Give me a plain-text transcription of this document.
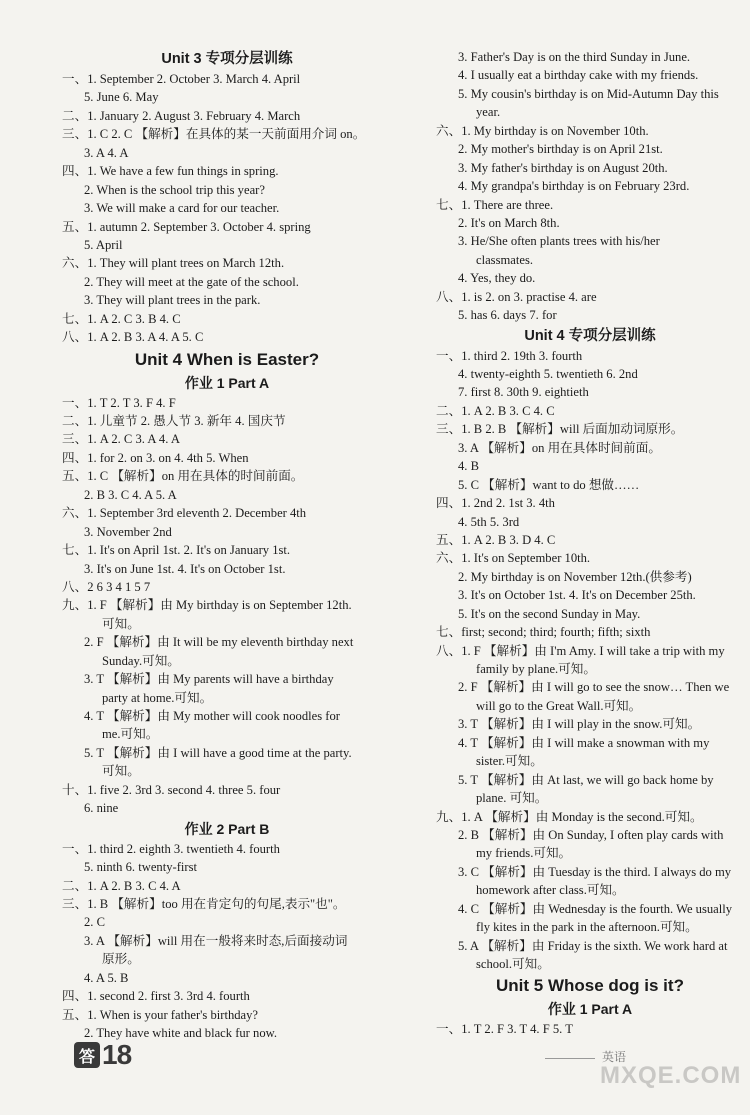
Unit 3 专项分层训练
一、1. September 2. October 3. March 4. April
5. June 6. May
二、1. January 2. August 3. February 4. March
三、1. C 2. C 【解析】在具体的某一天前面用介词 on。
3. A 4. A
四、1. We have a few fun things in spring.
2. When is the school trip this year?
3. We will make a card for our teacher.
五、1. autumn 2. September 3. October 4. spring
5. April
六、1. They will plant trees on March 12th.
2. They will meet at the gate of the school.
3. They will plant trees in the park.
七、1. A 2. C 3. B 4. C
八、1. A 2. B 3. A 4. A 5. C
Unit 4 When is Easter?
作业 1 Part A
一、1. T 2. T 3. F 4. F
二、1. 儿童节 2. 愚人节 3. 新年 4. 国庆节
三、1. A 2. C 3. A 4. A
四、1. for 2. on 3. on 4. 4th 5. When
五、1. C 【解析】on 用在具体的时间前面。
2. B 3. C 4. A 5. A
六、1. September 3rd eleventh 2. December 4th
3. November 2nd
七、1. It's on April 1st. 2. It's on January 1st.
3. It's on June 1st. 4. It's on October 1st.
八、2 6 3 4 1 5 7
九、1. F 【解析】由 My birthday is on September 12th.
可知。
2. F 【解析】由 It will be my eleventh birthday next
Sunday.可知。
3. T 【解析】由 My parents will have a birthday
party at home.可知。
4. T 【解析】由 My mother will cook noodles for
me.可知。
5. T 【解析】由 I will have a good time at the party.
可知。
十、1. five 2. 3rd 3. second 4. three 5. four
6. nine
作业 2 Part B
一、1. third 2. eighth 3. twentieth 4. fourth
5. ninth 6. twenty-first
二、1. A 2. B 3. C 4. A
三、1. B 【解析】too 用在肯定句的句尾,表示"也"。
2. C
3. A 【解析】will 用在一般将来时态,后面接动词
原形。
4. A 5. B
四、1. second 2. first 3. 3rd 4. fourth
五、1. When is your father's birthday?
2. They have white and black fur now.
3. Father's Day is on the third Sunday in June.
4. I usually eat a birthday cake with my friends.
5. My cousin's birthday is on Mid-Autumn Day this
year.
六、1. My birthday is on November 10th.
2. My mother's birthday is on April 21st.
3. My father's birthday is on August 20th.
4. My grandpa's birthday is on February 23rd.
七、1. There are three.
2. It's on March 8th.
3. He/She often plants trees with his/her
classmates.
4. Yes, they do.
八、1. is 2. on 3. practise 4. are
5. has 6. days 7. for
Unit 4 专项分层训练
一、1. third 2. 19th 3. fourth
4. twenty-eighth 5. twentieth 6. 2nd
7. first 8. 30th 9. eightieth
二、1. A 2. B 3. C 4. C
三、1. B 2. B 【解析】will 后面加动词原形。
3. A 【解析】on 用在具体时间前面。
4. B
5. C 【解析】want to do 想做……
四、1. 2nd 2. 1st 3. 4th
4. 5th 5. 3rd
五、1. A 2. B 3. D 4. C
六、1. It's on September 10th.
2. My birthday is on November 12th.(供参考)
3. It's on October 1st. 4. It's on December 25th.
5. It's on the second Sunday in May.
七、first; second; third; fourth; fifth; sixth
八、1. F 【解析】由 I'm Amy. I will take a trip with my
family by plane.可知。
2. F 【解析】由 I will go to see the snow… Then we
will go to the Great Wall.可知。
3. T 【解析】由 I will play in the snow.可知。
4. T 【解析】由 I will make a snowman with my
sister.可知。
5. T 【解析】由 At last, we will go back home by
plane. 可知。
九、1. A 【解析】由 Monday is the second.可知。
2. B 【解析】由 On Sunday, I often play cards with
my friends.可知。
3. C 【解析】由 Tuesday is the third. I always do my
homework after class.可知。
4. C 【解析】由 Wednesday is the fourth. We usually
fly kites in the park in the afternoon.可知。
5. A 【解析】由 Friday is the sixth. We work hard at
school.可知。
Unit 5 Whose dog is it?
作业 1 Part A
一、1. T 2. F 3. T 4. F 5. T
答 18	英语
MXQE.COM
